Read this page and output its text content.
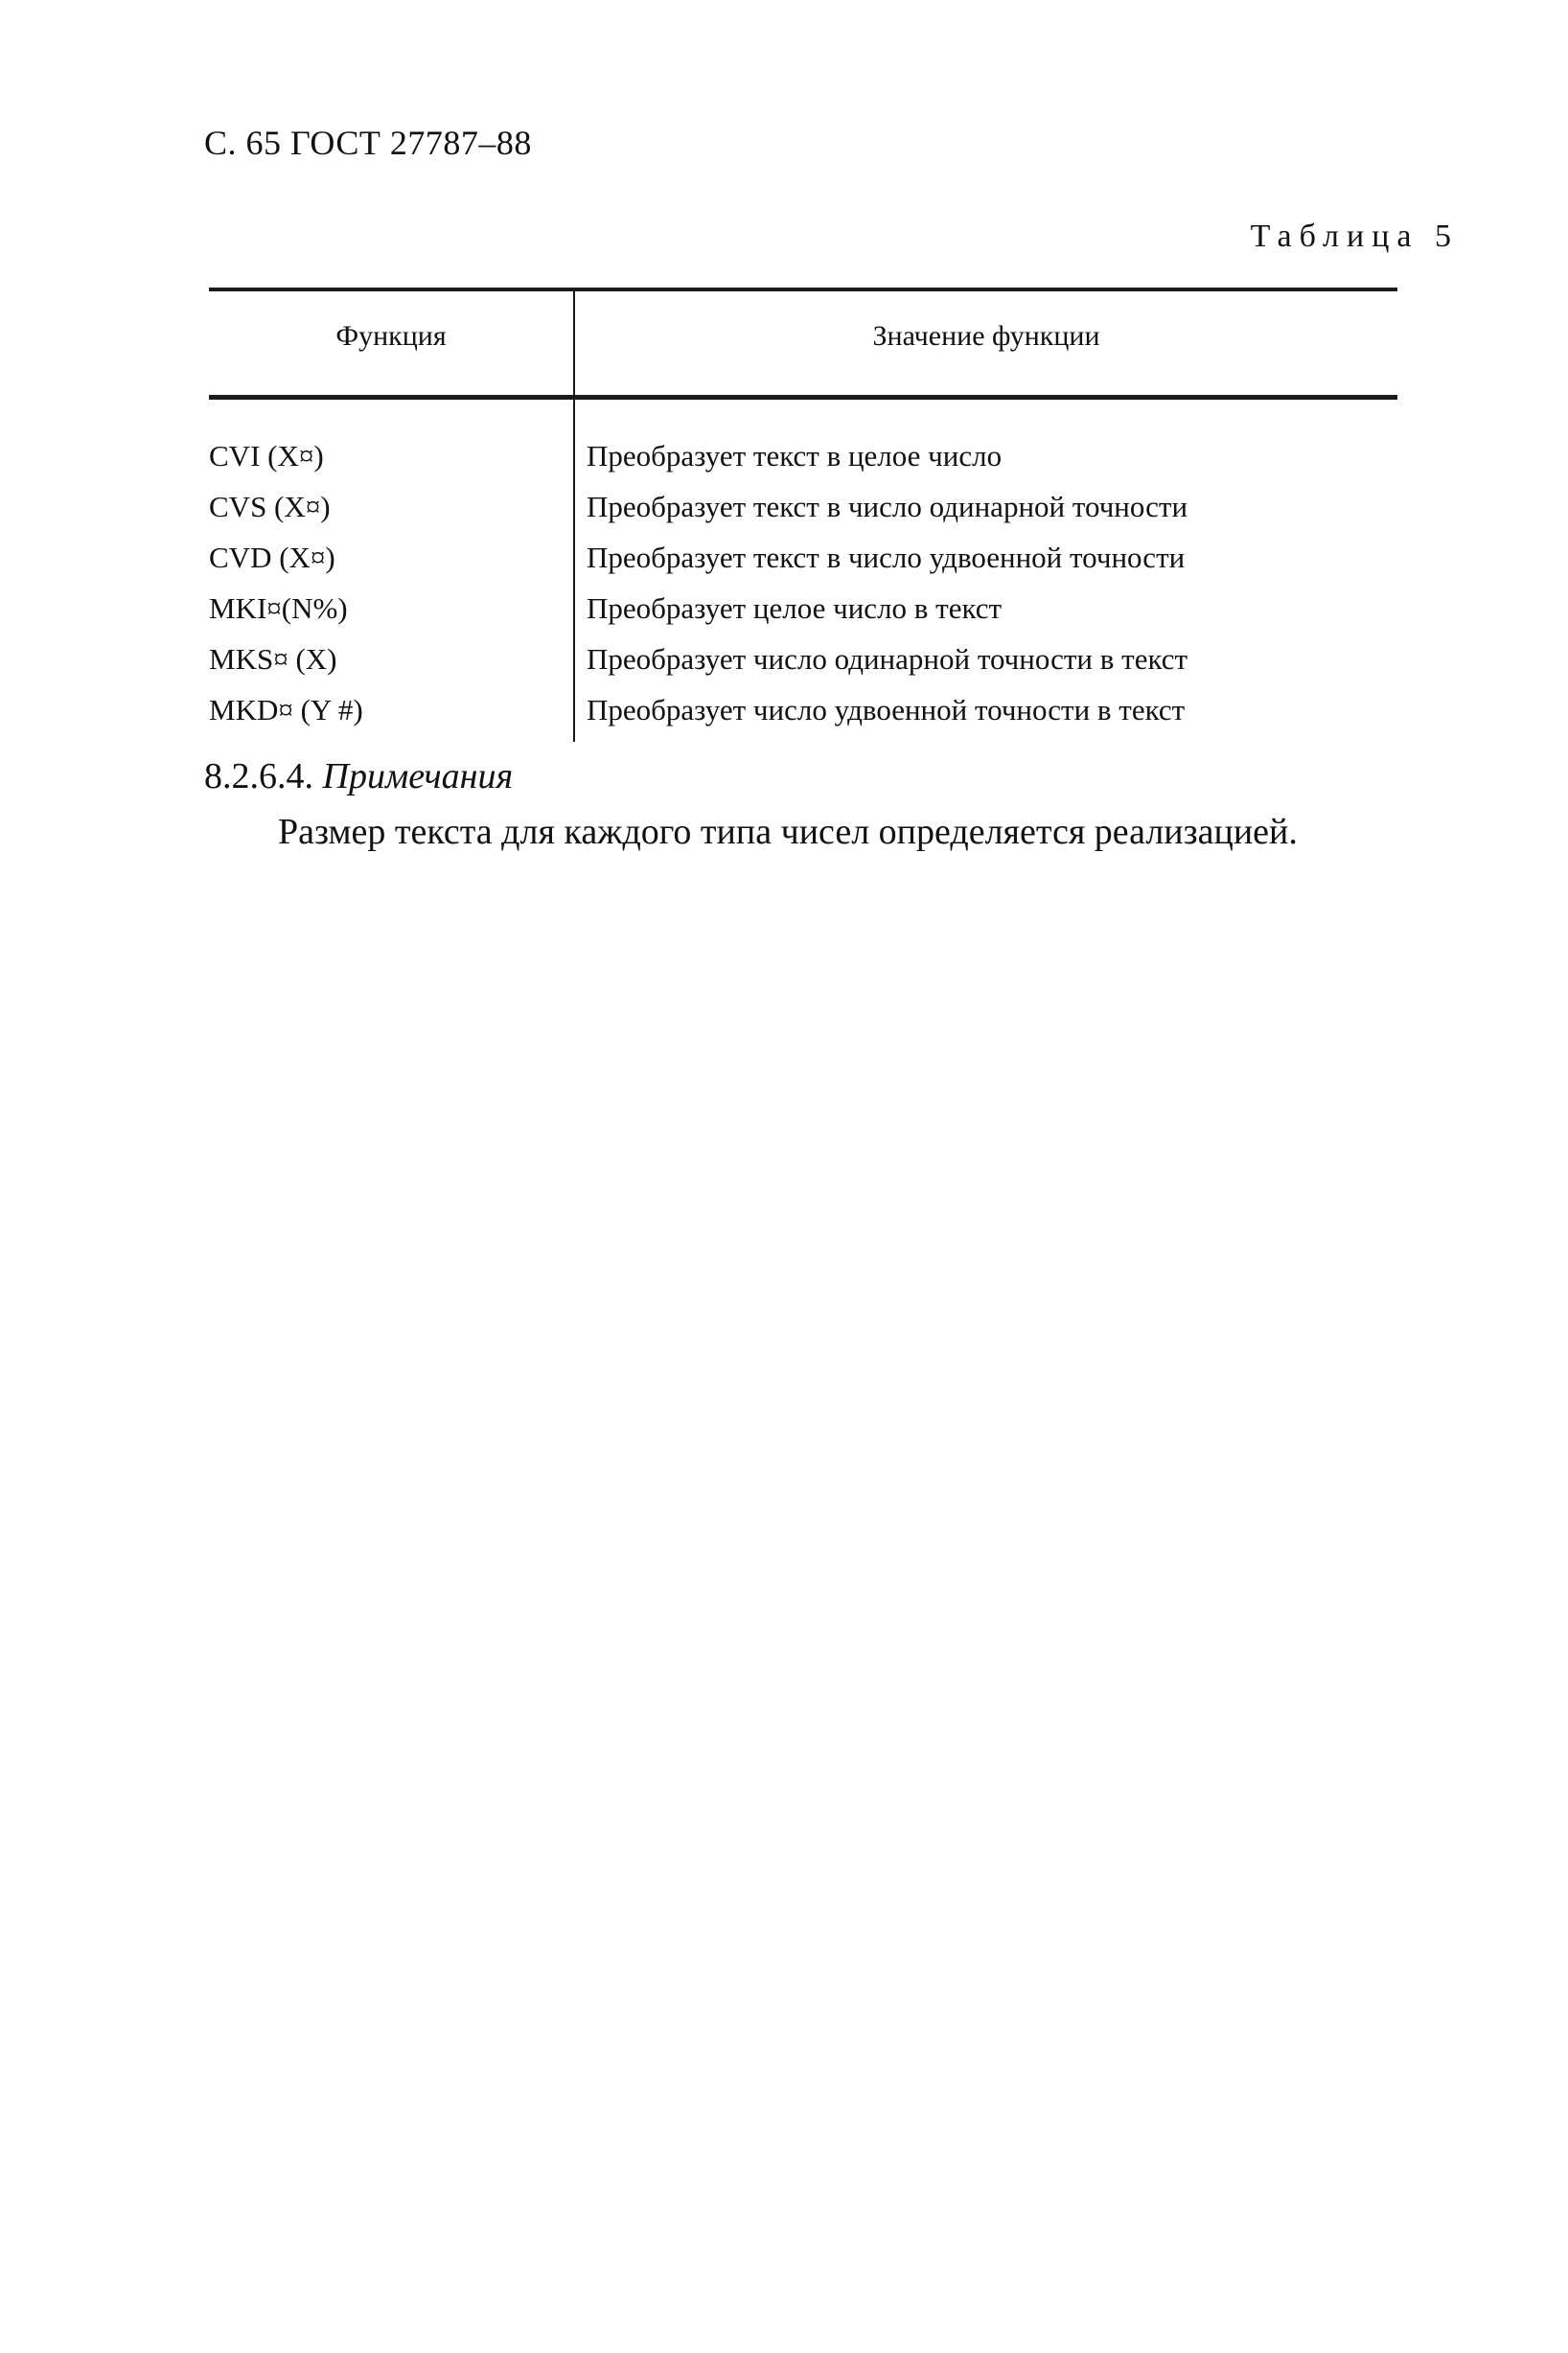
С. 65 ГОСТ 27787–88
Таблица 5
Функция	Значение функции
CVI (X¤)	Преобразует текст в целое число
CVS (X¤)	Преобразует текст в число одинарной точности
CVD (X¤)	Преобразует текст в число удвоенной точности
MKI¤(N%)	Преобразует целое число в текст
MKS¤ (X)	Преобразует число одинарной точности в текст
MKD¤ (Y #)	Преобразует число удвоенной точности в текст
8.2.6.4. Примечания
Размер текста для каждого типа чисел определяется реализацией.
